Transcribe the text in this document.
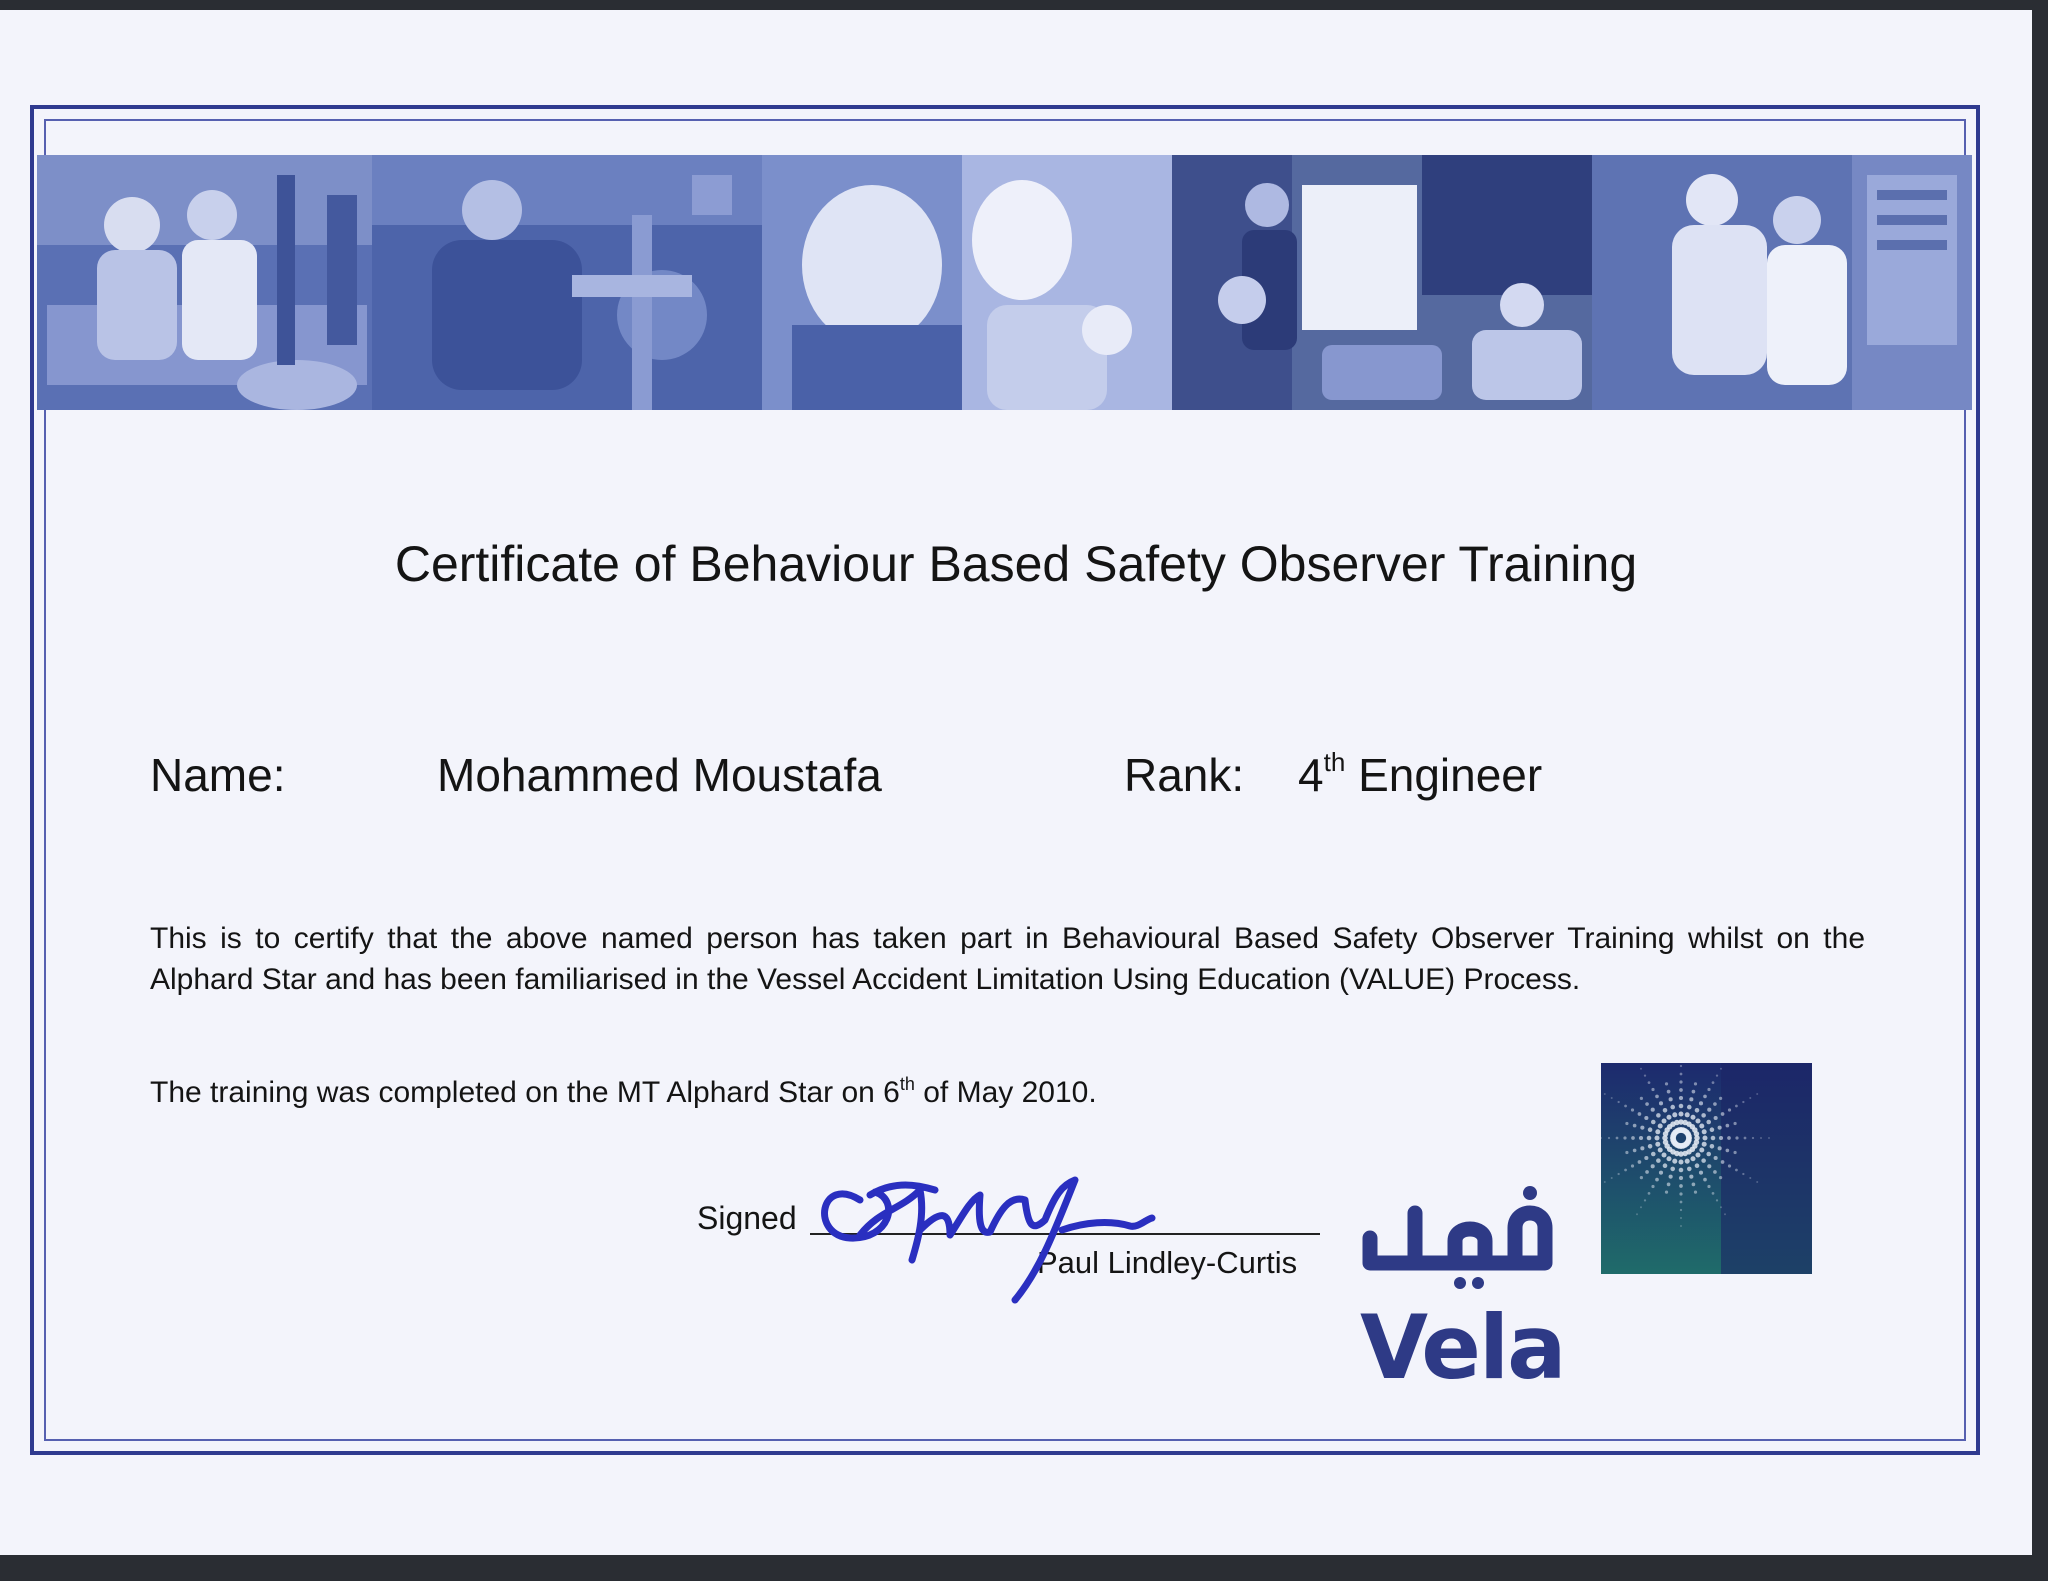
Certificate of Behaviour Based Safety Observer Training
Name:	Mohammed Moustafa	Rank: 4th Engineer
This is to certify that the above named person has taken part in Behavioural Based Safety Observer Training whilst on the Alphard Star and has been familiarised in the Vessel Accident Limitation Using Education (VALUE) Process.
The training was completed on the MT Alphard Star on 6th of May 2010.
Signed
Paul Lindley-Curtis
Vela
